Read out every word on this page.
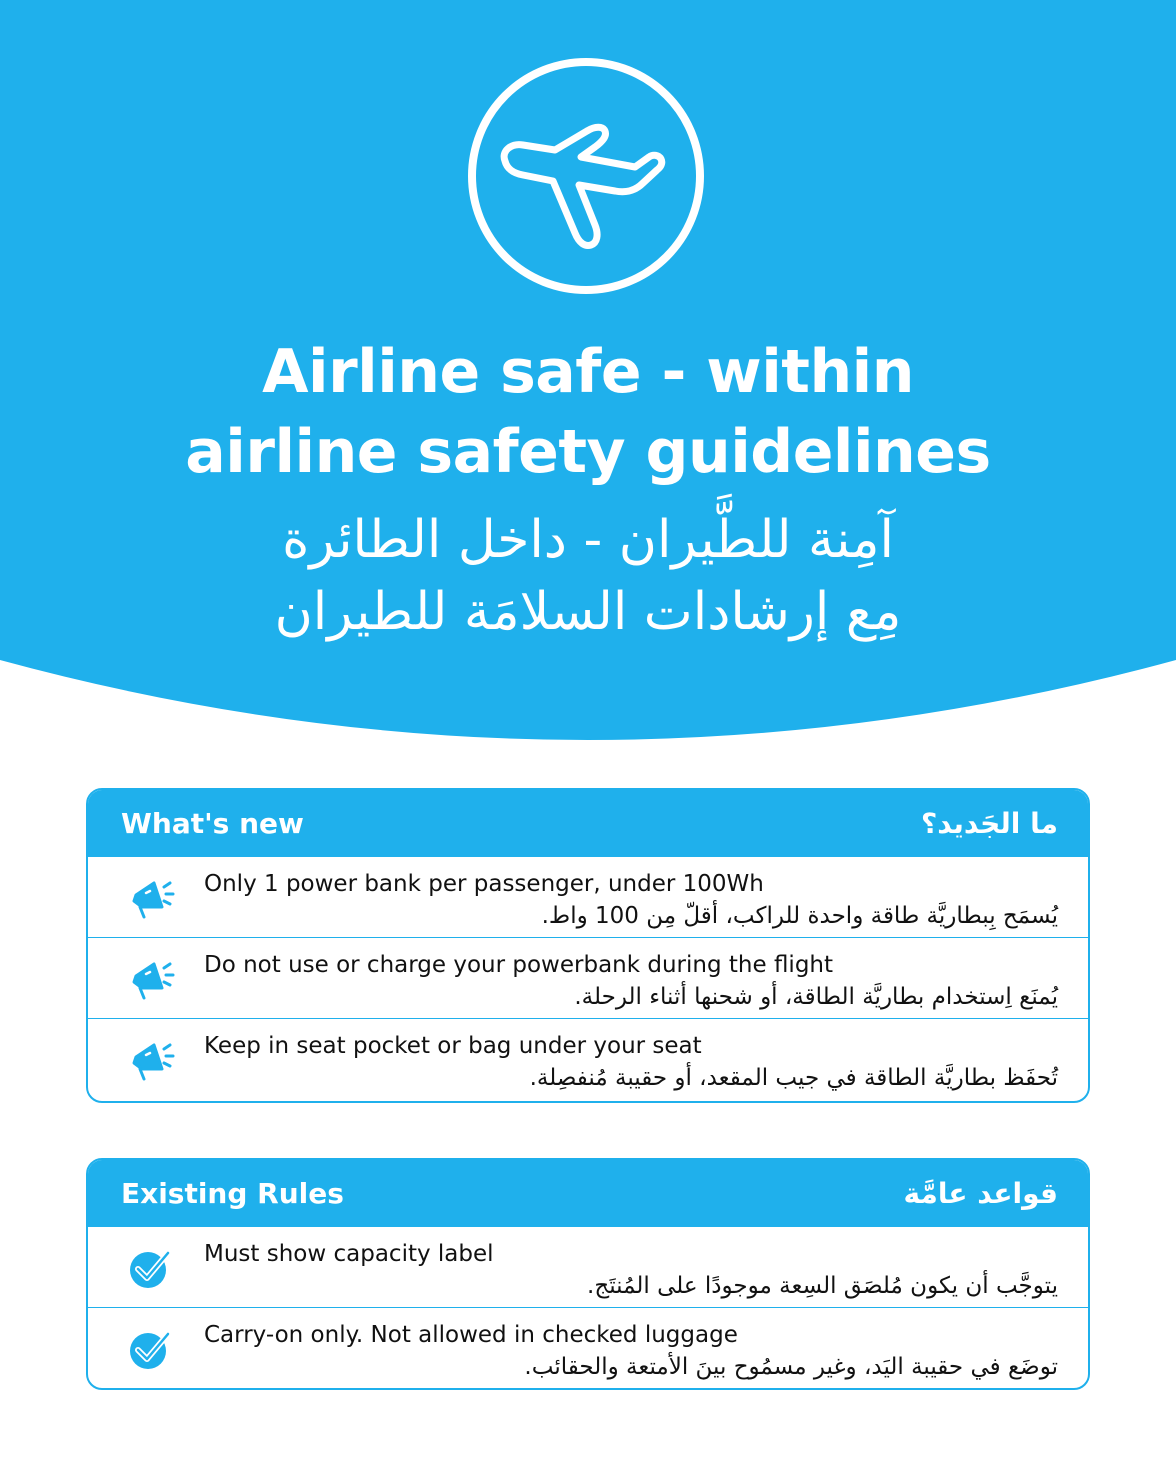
Airline safe - within
airline safety guidelines
آمِنة للطَّيران - داخل الطائرة
مِع إرشادات السلامَة للطيران
What's new	ما الجَديد؟
Only 1 power bank per passenger, under 100Wh
يُسمَح بِبطاريَّة طاقة واحدة للراكب، أقلّ مِن 100 واط.
Do not use or charge your powerbank during the flight
يُمنَع اِستخدام بطاريَّة الطاقة، أو شحنها أثناء الرحلة.
Keep in seat pocket or bag under your seat
تُحفَظ بطاريَّة الطاقة في جيب المقعد، أو حقيبة مُنفصِلة.
Existing Rules	قواعد عامَّة
Must show capacity label
يتوجَّب أن يكون مُلصَق السِعة موجودًا على المُنتَج.
Carry-on only. Not allowed in checked luggage
توضَع في حقيبة اليَد، وغير مسمُوح بينَ الأمتعة والحقائب.
